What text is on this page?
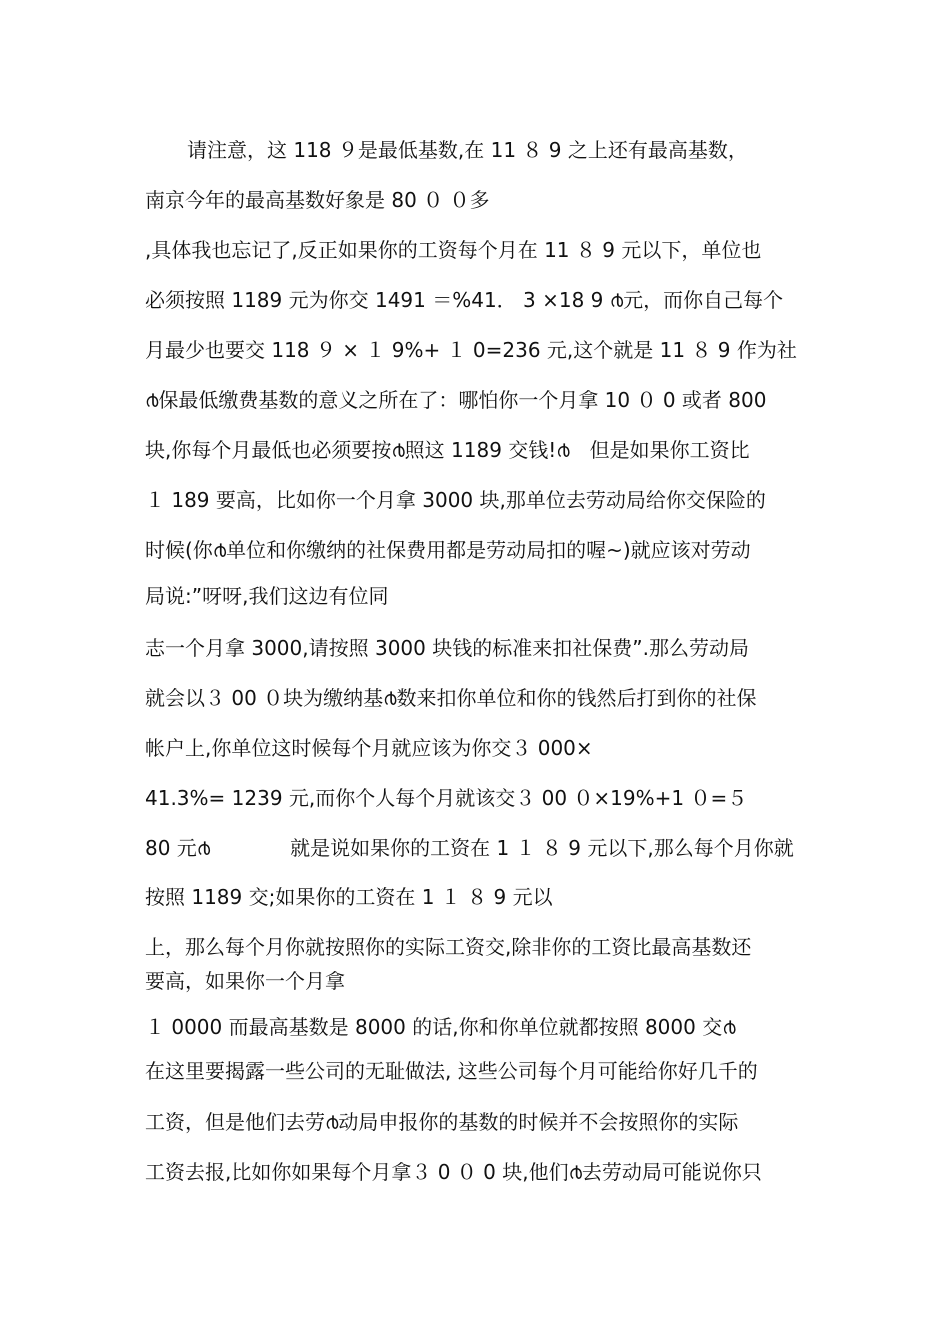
请注意，这 118 ９是最低基数,在 11 ８ 9 之上还有最高基数，
南京今年的最高基数好象是 80 ０ ０多
,具体我也忘记了,反正如果你的工资每个月在 11 ８ 9 元以下，单位也
必须按照 1189 元为你交 1491 ＝%41． 3 ×18 9 ൪元，而你自己每个
月最少也要交 118 ９ × １ 9%+ １ 0=236 元,这个就是 11 ８ 9 作为社
൪保最低缴费基数的意义之所在了：哪怕你一个月拿 10 ０ 0 或者 800
块,你每个月最低也必须要按൪照这 1189 交钱!൪　但是如果你工资比
１ 189 要高，比如你一个月拿 3000 块,那单位去劳动局给你交保险的
时候(你൪单位和你缴纳的社保费用都是劳动局扣的喔~)就应该对劳动
局说:”呀呀,我们这边有位同
志一个月拿 3000,请按照 3000 块钱的标准来扣社保费”.那么劳动局
就会以３ 00 ０块为缴纳基൪数来扣你单位和你的钱然后打到你的社保
帐户上,你单位这时候每个月就应该为你交３ 000×
41.3%= 1239 元,而你个人每个月就该交３ 00 ０×19%+1 ０=５
80 元൪　　　　就是说如果你的工资在 1 １ ８ 9 元以下,那么每个月你就
按照 1189 交;如果你的工资在 1 １ ８ 9 元以
上，那么每个月你就按照你的实际工资交,除非你的工资比最高基数还
要高，如果你一个月拿
１ 0000 而最高基数是 8000 的话,你和你单位就都按照 8000 交൪
在这里要揭露一些公司的无耻做法, 这些公司每个月可能给你好几千的
工资，但是他们去劳൪动局申报你的基数的时候并不会按照你的实际
工资去报,比如你如果每个月拿３ 0 ０ 0 块,他们൪去劳动局可能说你只
